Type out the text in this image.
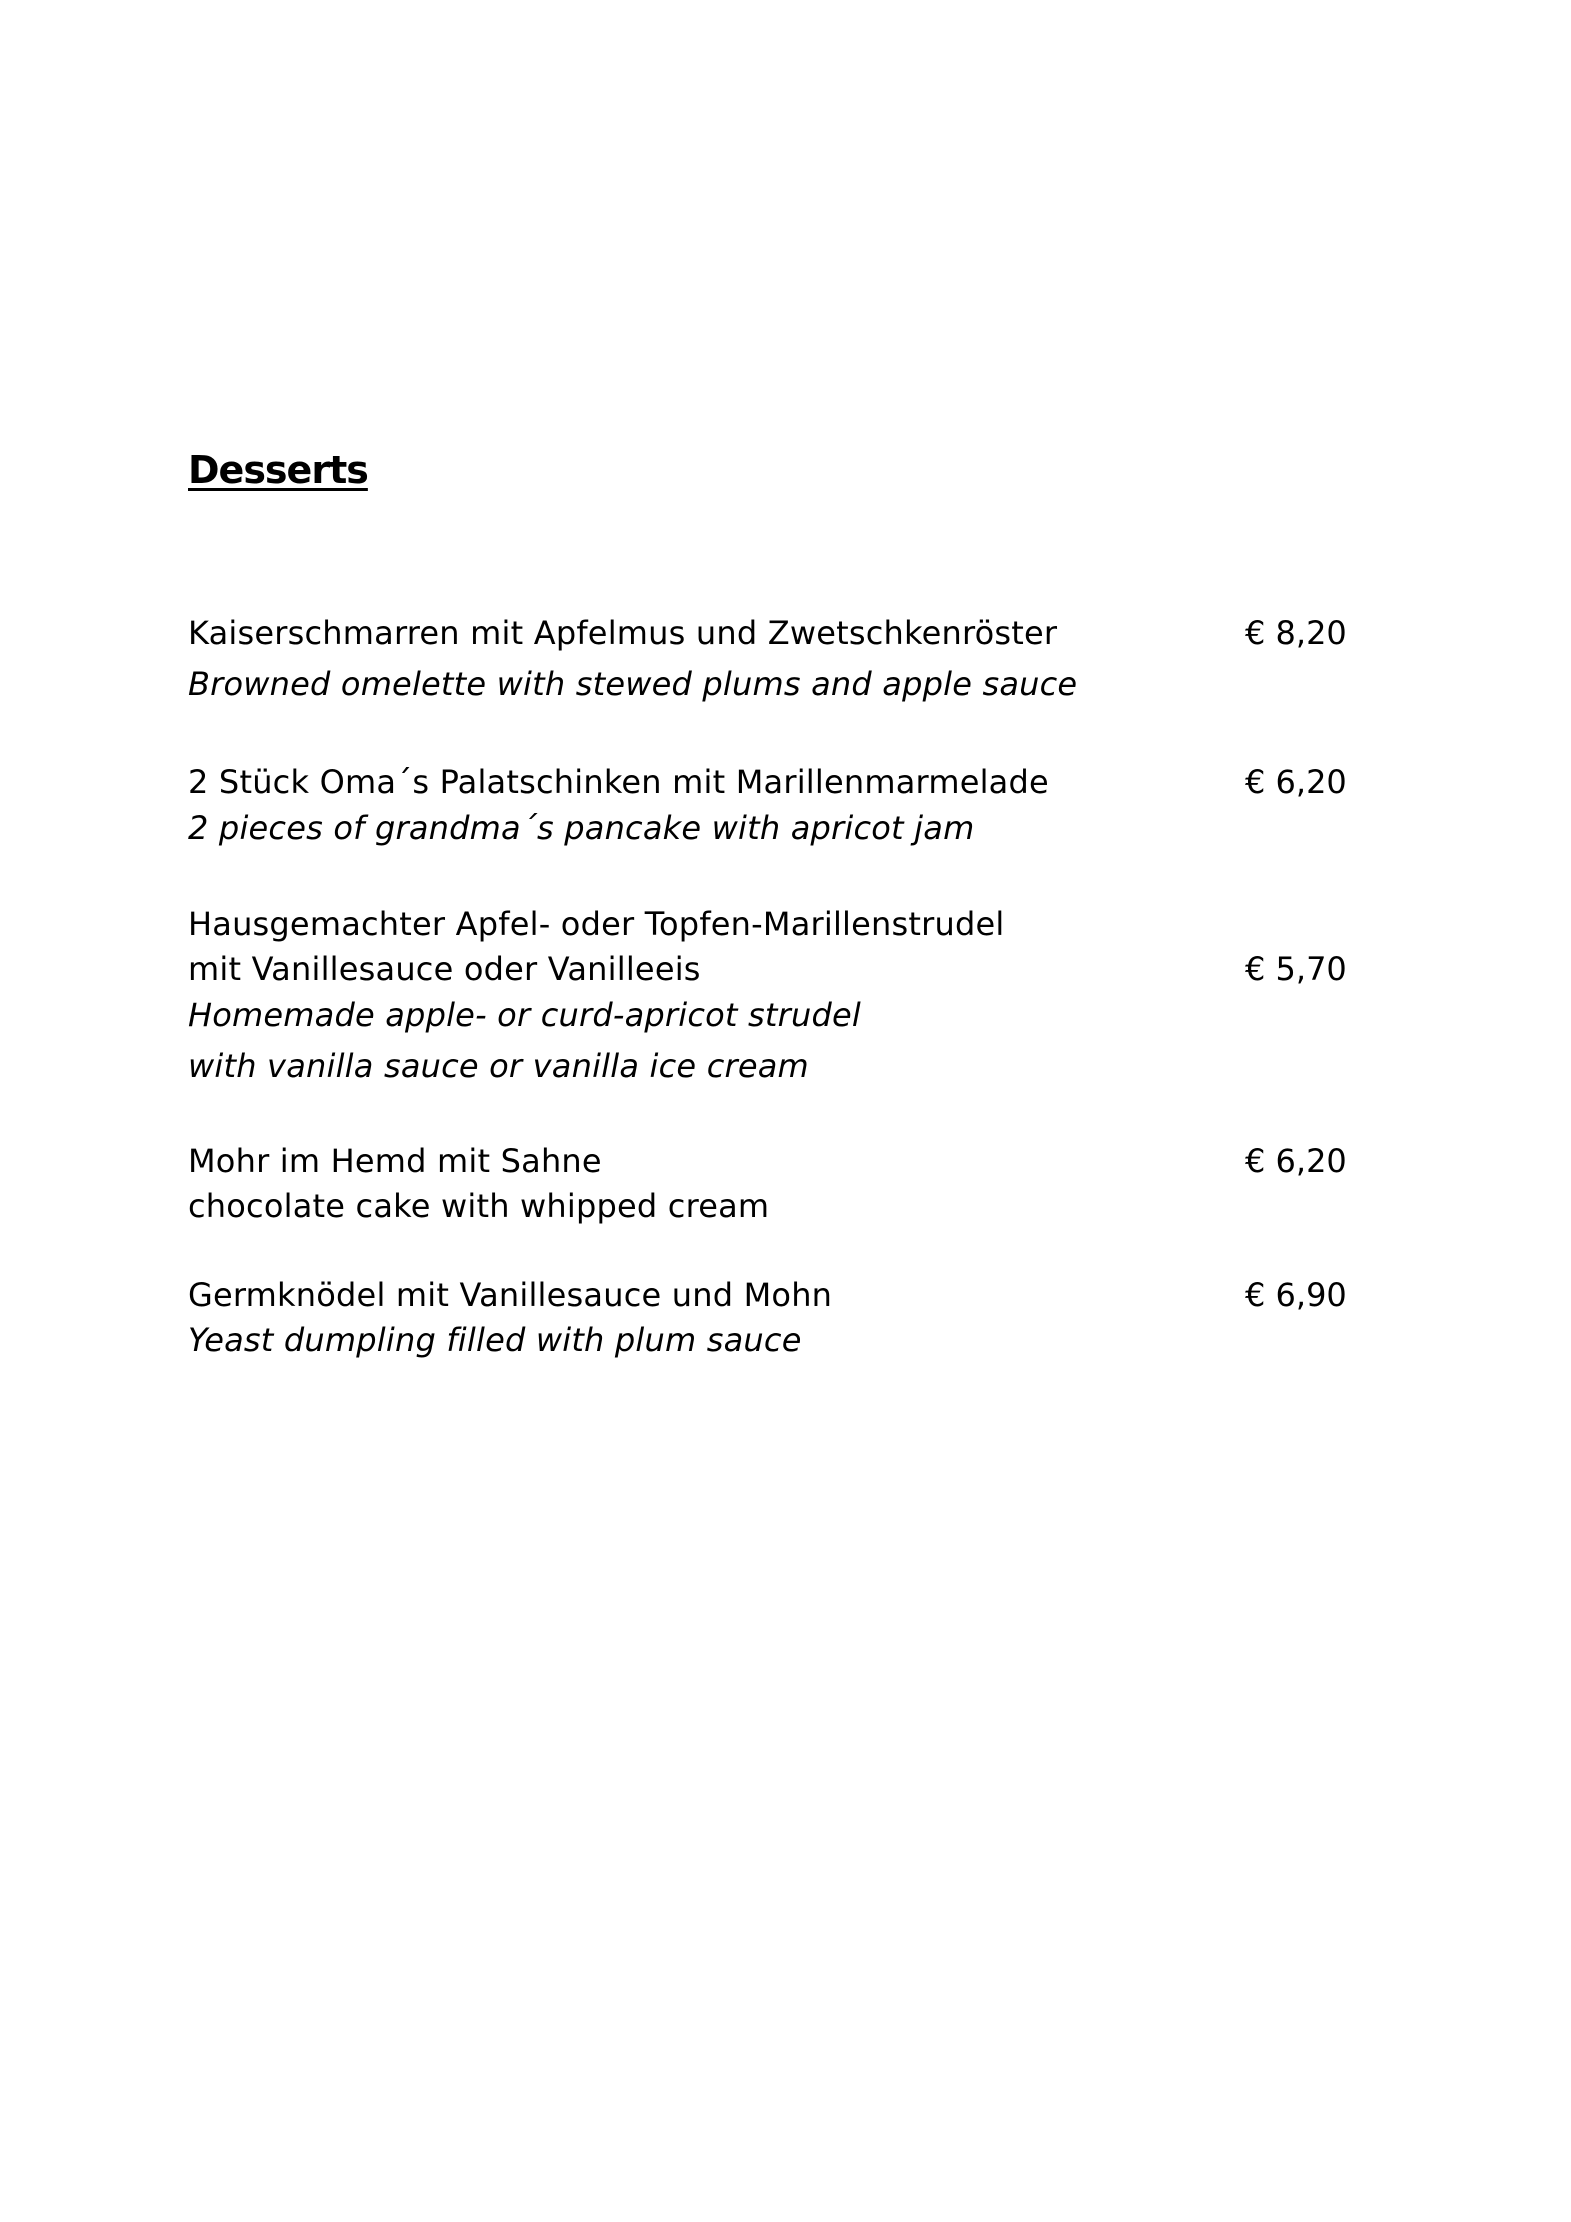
Desserts
Kaiserschmarren mit Apfelmus und Zwetschkenröster	€ 8,20
Browned omelette with stewed plums and apple sauce
2 Stück Oma´s Palatschinken mit Marillenmarmelade	€ 6,20
2 pieces of grandma´s pancake with apricot jam
Hausgemachter Apfel- oder Topfen-Marillenstrudel
mit Vanillesauce oder Vanilleeis	€ 5,70
Homemade apple- or curd-apricot strudel
with vanilla sauce or vanilla ice cream
Mohr im Hemd mit Sahne	€ 6,20
chocolate cake with whipped cream
Germknödel mit Vanillesauce und Mohn	€ 6,90
Yeast dumpling filled with plum sauce
